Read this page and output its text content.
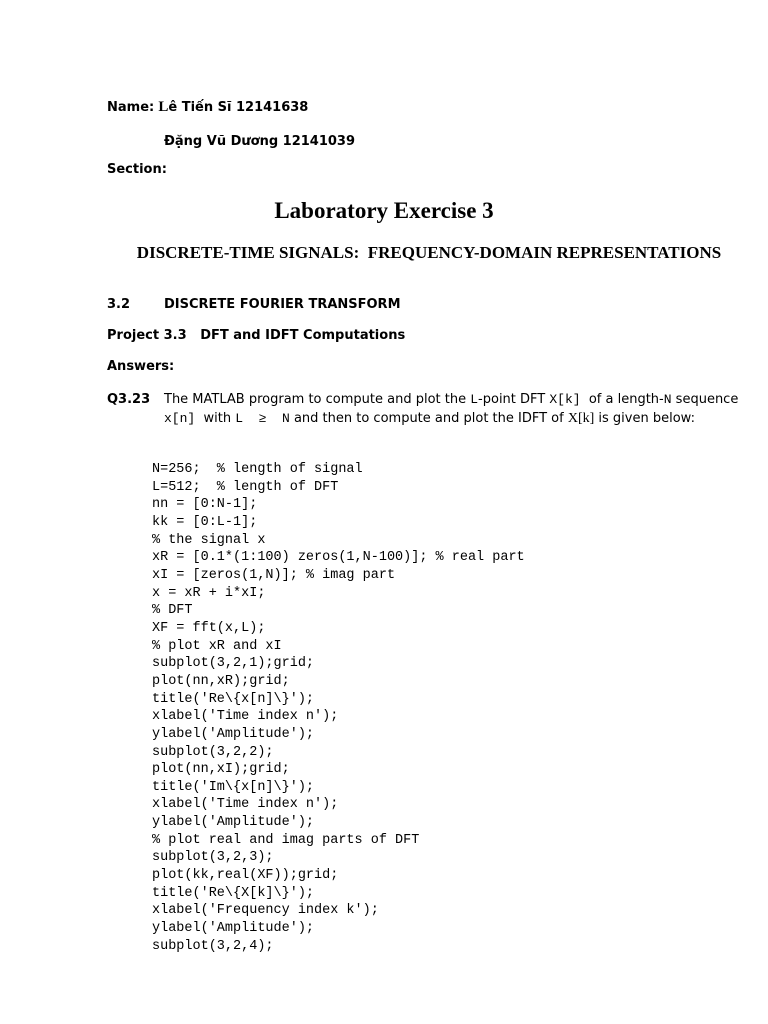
Name: Lê Tiến Sĩ 12141638
Đặng Vũ Dương 12141039
Section:
Laboratory Exercise 3
DISCRETE-TIME SIGNALS:  FREQUENCY-DOMAIN REPRESENTATIONS
3.2	DISCRETE FOURIER TRANSFORM
Project 3.3   DFT and IDFT Computations
Answers:
Q3.23 The MATLAB program to compute and plot the L-point DFT X[k]  of a length-N sequence
x[n]  with L  ≥  N and then to compute and plot the IDFT of X[k] is given below:
N=256;  % length of signal
L=512;  % length of DFT
nn = [0:N-1];
kk = [0:L-1];
% the signal x
xR = [0.1*(1:100) zeros(1,N-100)]; % real part
xI = [zeros(1,N)]; % imag part
x = xR + i*xI;
% DFT
XF = fft(x,L);
% plot xR and xI
subplot(3,2,1);grid;
plot(nn,xR);grid;
title('Re\{x[n]\}');
xlabel('Time index n');
ylabel('Amplitude');
subplot(3,2,2);
plot(nn,xI);grid;
title('Im\{x[n]\}');
xlabel('Time index n');
ylabel('Amplitude');
% plot real and imag parts of DFT
subplot(3,2,3);
plot(kk,real(XF));grid;
title('Re\{X[k]\}');
xlabel('Frequency index k');
ylabel('Amplitude');
subplot(3,2,4);
